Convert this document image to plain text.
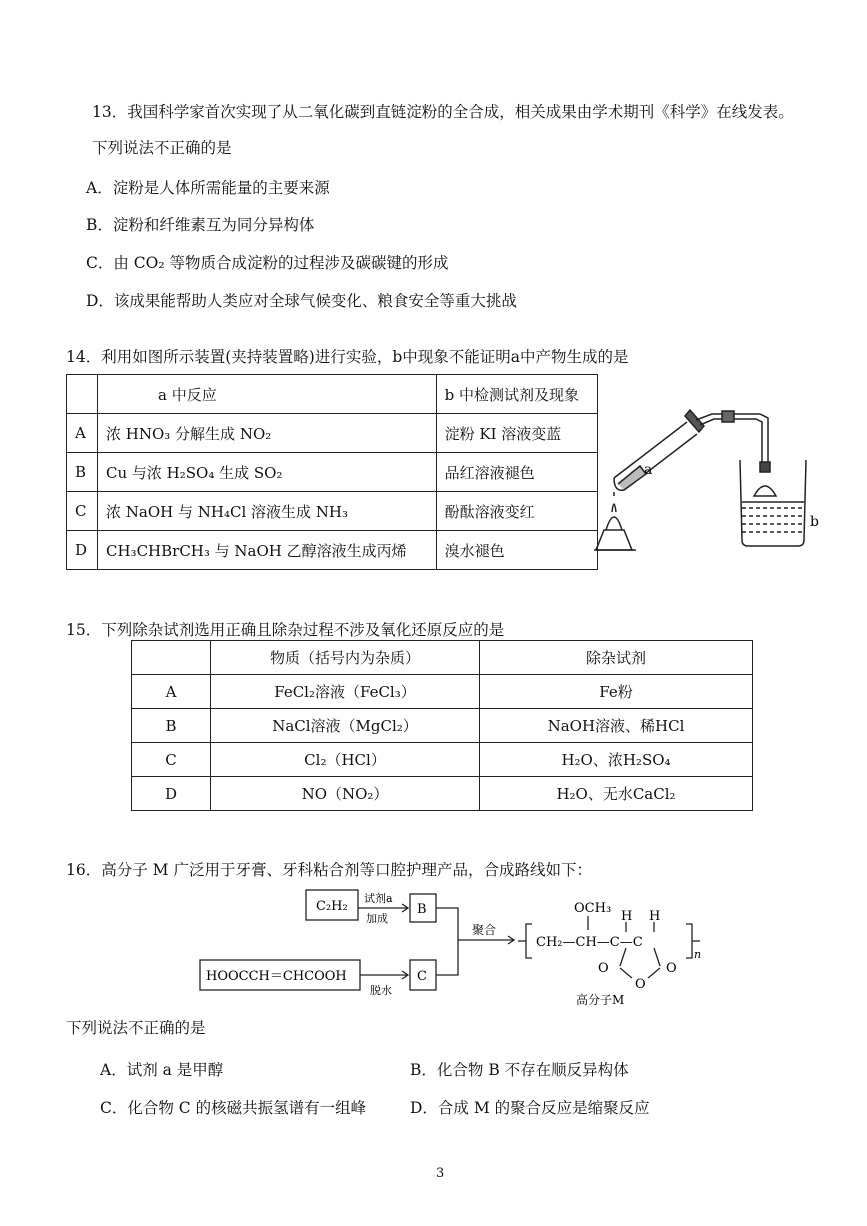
13．我国科学家首次实现了从二氧化碳到直链淀粉的全合成，相关成果由学术期刊《科学》在线发表。
下列说法不正确的是
A．淀粉是人体所需能量的主要来源
B．淀粉和纤维素互为同分异构体
C．由 CO₂ 等物质合成淀粉的过程涉及碳碳键的形成
D．该成果能帮助人类应对全球气候变化、粮食安全等重大挑战
14．利用如图所示装置(夹持装置略)进行实验，b中现象不能证明a中产物生成的是
	a 中反应	b 中检测试剂及现象
A	浓 HNO₃ 分解生成 NO₂	淀粉 KI 溶液变蓝
B	Cu 与浓 H₂SO₄ 生成 SO₂	品红溶液褪色
C	浓 NaOH 与 NH₄Cl 溶液生成 NH₃	酚酞溶液变红
D	CH₃CHBrCH₃ 与 NaOH 乙醇溶液生成丙烯	溴水褪色
a
b
15．下列除杂试剂选用正确且除杂过程不涉及氧化还原反应的是
	物质（括号内为杂质）	除杂试剂
A	FeCl₂溶液（FeCl₃）	Fe粉
B	NaCl溶液（MgCl₂）	NaOH溶液、稀HCl
C	Cl₂（HCl）	H₂O、浓H₂SO₄
D	NO（NO₂）	H₂O、无水CaCl₂
16．高分子 M 广泛用于牙膏、牙科粘合剂等口腔护理产品，合成路线如下：
C₂H₂
试剂a
加成
B
HOOCCH＝CHCOOH
脱水
C
聚合
OCH₃
H H
CH₂—CH—C—C
O	O
O
n
高分子M
下列说法不正确的是
A．试剂 a 是甲醇	B．化合物 B 不存在顺反异构体
C．化合物 C 的核磁共振氢谱有一组峰	D．合成 M 的聚合反应是缩聚反应
3
